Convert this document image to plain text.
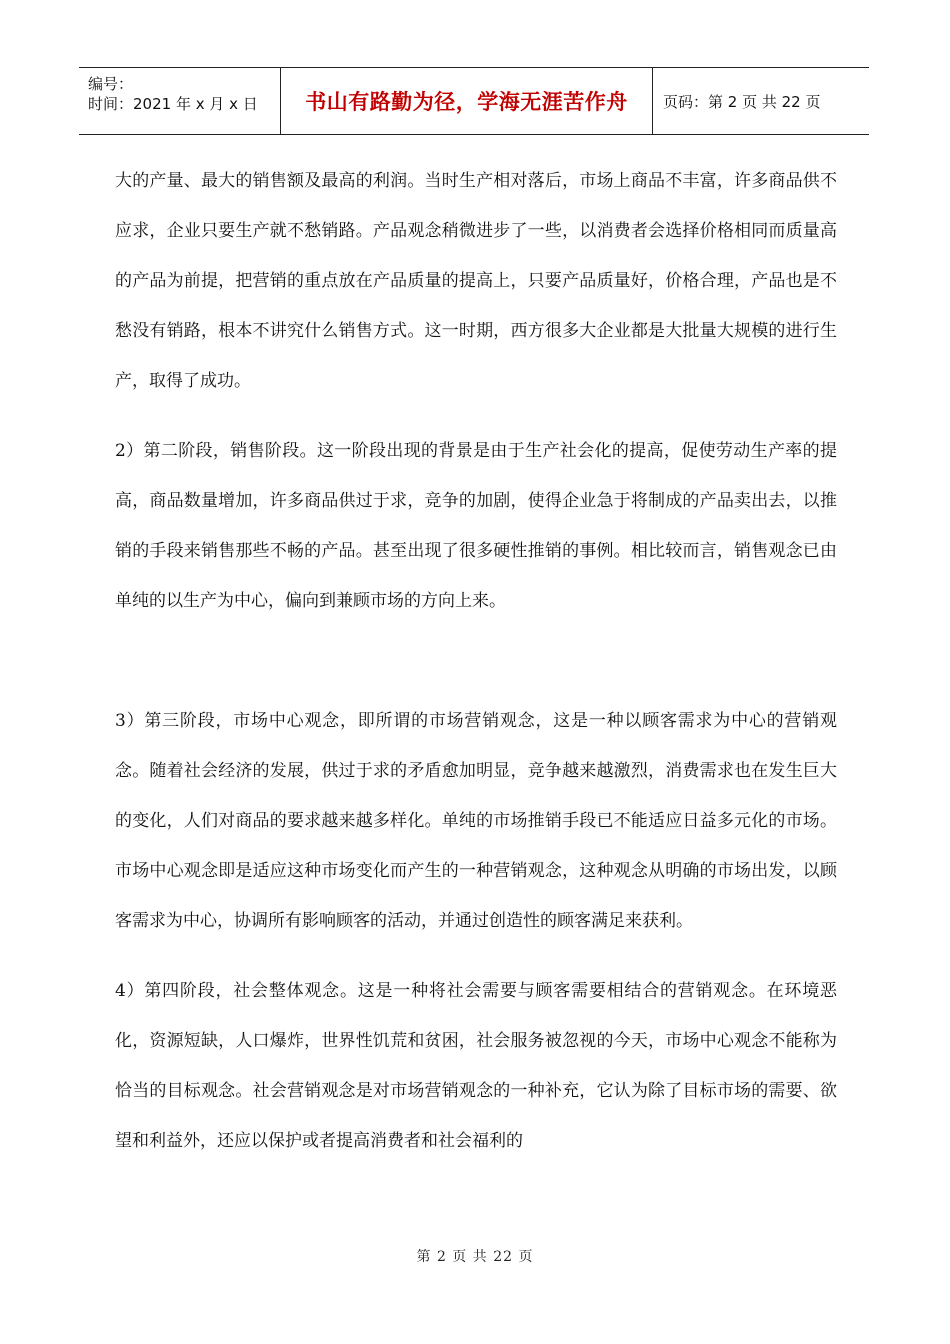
编号：
时间：2021 年 x 月 x 日	书山有路勤为径，学海无涯苦作舟	页码：第 2 页 共 22 页

大的产量、最大的销售额及最高的利润。当时生产相对落后，市场上商品不丰富，许多商品供不应求，企业只要生产就不愁销路。产品观念稍微进步了一些，以消费者会选择价格相同而质量高的产品为前提，把营销的重点放在产品质量的提高上，只要产品质量好，价格合理，产品也是不愁没有销路，根本不讲究什么销售方式。这一时期，西方很多大企业都是大批量大规模的进行生产，取得了成功。

2）第二阶段，销售阶段。这一阶段出现的背景是由于生产社会化的提高，促使劳动生产率的提高，商品数量增加，许多商品供过于求，竞争的加剧，使得企业急于将制成的产品卖出去，以推销的手段来销售那些不畅的产品。甚至出现了很多硬性推销的事例。相比较而言，销售观念已由单纯的以生产为中心，偏向到兼顾市场的方向上来。

3）第三阶段，市场中心观念，即所谓的市场营销观念，这是一种以顾客需求为中心的营销观念。随着社会经济的发展，供过于求的矛盾愈加明显，竞争越来越激烈，消费需求也在发生巨大的变化，人们对商品的要求越来越多样化。单纯的市场推销手段已不能适应日益多元化的市场。市场中心观念即是适应这种市场变化而产生的一种营销观念，这种观念从明确的市场出发，以顾客需求为中心，协调所有影响顾客的活动，并通过创造性的顾客满足来获利。

4）第四阶段，社会整体观念。这是一种将社会需要与顾客需要相结合的营销观念。在环境恶化，资源短缺，人口爆炸，世界性饥荒和贫困，社会服务被忽视的今天，市场中心观念不能称为恰当的目标观念。社会营销观念是对市场营销观念的一种补充，它认为除了目标市场的需要、欲望和利益外，还应以保护或者提高消费者和社会福利的

第 2 页 共 22 页
